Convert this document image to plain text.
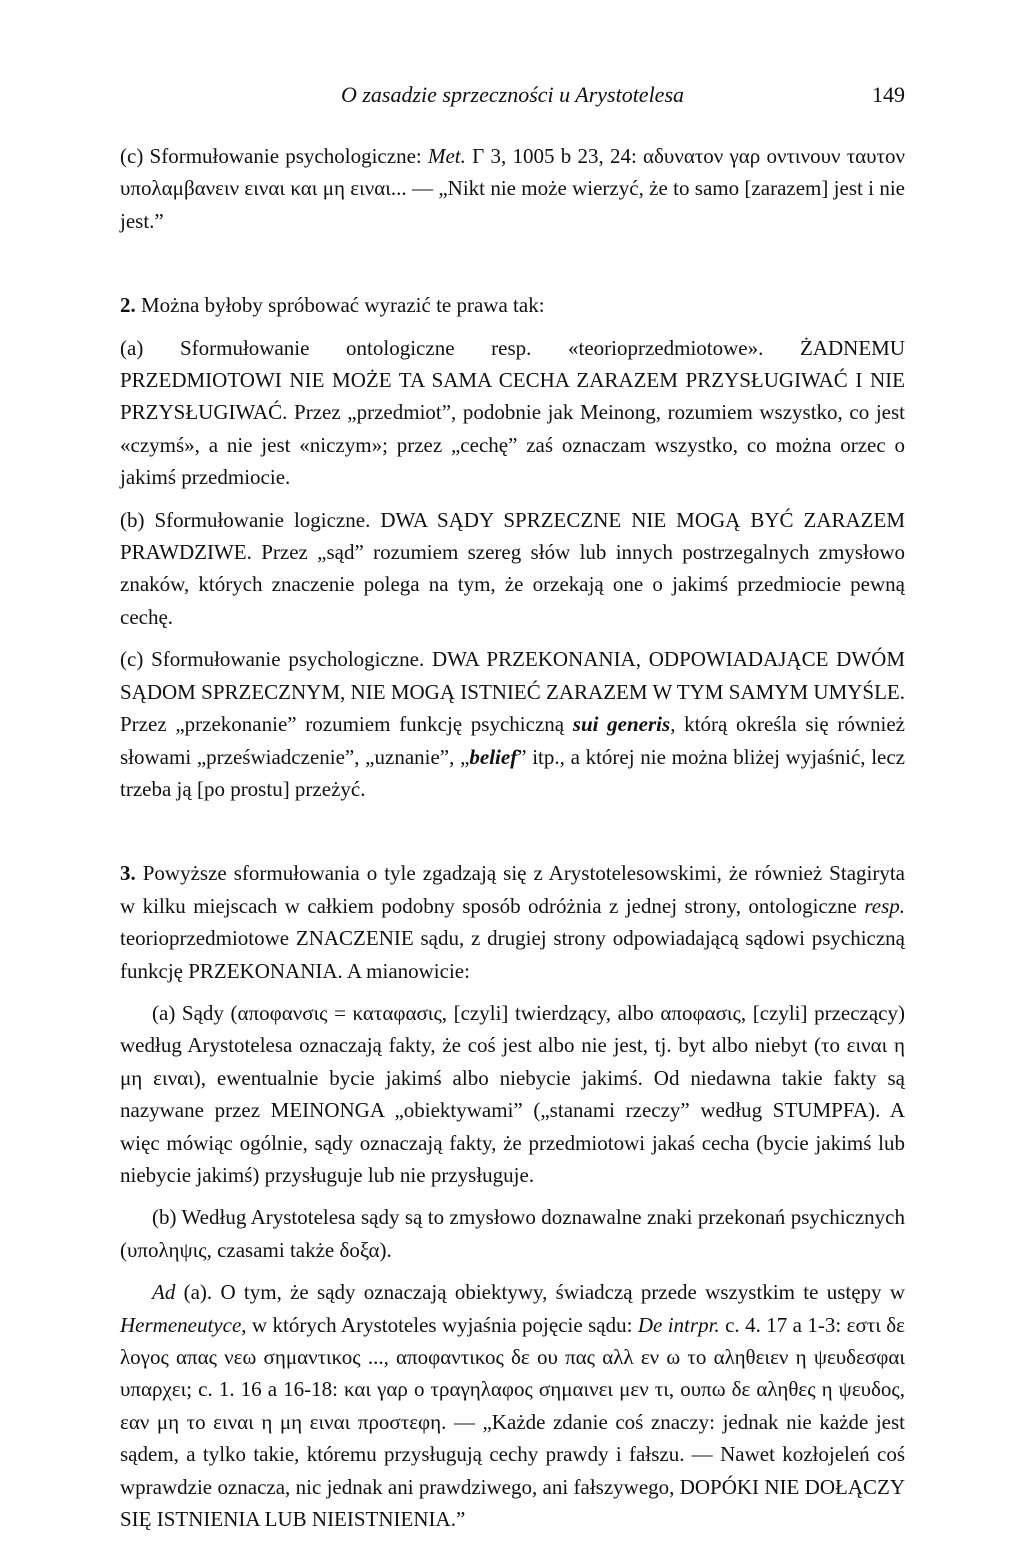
O zasadzie sprzeczności u Arystotelesa	149

(c) Sformułowanie psychologiczne: Met. Γ 3, 1005 b 23, 24: αδυνατον γαρ οντινουν ταυτον υπολαμβανειν ειναι και μη ειναι... — „Nikt nie może wierzyć, że to samo [zarazem] jest i nie jest.”

2. Można byłoby spróbować wyrazić te prawa tak:

(a) Sformułowanie ontologiczne resp. «teorioprzedmiotowe». ŻADNEMU PRZEDMIOTOWI NIE MOŻE TA SAMA CECHA ZARAZEM PRZYSŁUGIWAĆ I NIE PRZYSŁUGIWAĆ. Przez „przedmiot”, podobnie jak Meinong, rozumiem wszystko, co jest «czymś», a nie jest «niczym»; przez „cechę” zaś oznaczam wszystko, co można orzec o jakimś przedmiocie.

(b) Sformułowanie logiczne. DWA SĄDY SPRZECZNE NIE MOGĄ BYĆ ZARAZEM PRAWDZIWE. Przez „sąd” rozumiem szereg słów lub innych postrzegalnych zmysłowo znaków, których znaczenie polega na tym, że orzekają one o jakimś przedmiocie pewną cechę.

(c) Sformułowanie psychologiczne. DWA PRZEKONANIA, ODPOWIADAJĄCE DWÓM SĄDOM SPRZECZNYM, NIE MOGĄ ISTNIEĆ ZARAZEM W TYM SAMYM UMYŚLE. Przez „przekonanie” rozumiem funkcję psychiczną sui generis, którą określa się również słowami „przeświadczenie”, „uznanie”, „belief” itp., a której nie można bliżej wyjaśnić, lecz trzeba ją [po prostu] przeżyć.

3. Powyższe sformułowania o tyle zgadzają się z Arystotelesowskimi, że również Stagiryta w kilku miejscach w całkiem podobny sposób odróżnia z jednej strony, ontologiczne resp. teorioprzedmiotowe ZNACZENIE sądu, z drugiej strony odpowiadającą sądowi psychiczną funkcję PRZEKONANIA. A mianowicie:

(a) Sądy (αποφανσις = καταφασις, [czyli] twierdzący, albo αποφασις, [czyli] przeczący) według Arystotelesa oznaczają fakty, że coś jest albo nie jest, tj. byt albo niebyt (το ειναι η μη ειναι), ewentualnie bycie jakimś albo niebycie jakimś. Od niedawna takie fakty są nazywane przez MEINONGA „obiektywami” („stanami rzeczy” według STUMPFA). A więc mówiąc ogólnie, sądy oznaczają fakty, że przedmiotowi jakaś cecha (bycie jakimś lub niebycie jakimś) przysługuje lub nie przysługuje.

(b) Według Arystotelesa sądy są to zmysłowo doznawalne znaki przekonań psychicznych (υποληψις, czasami także δοξα).

Ad (a). O tym, że sądy oznaczają obiektywy, świadczą przede wszystkim te ustępy w Hermeneutyce, w których Arystoteles wyjaśnia pojęcie sądu: De intrpr. c. 4. 17 a 1-3: εστι δε λογος απας νεω σημαντικος ..., αποφαντικος δε ου πας αλλ εν ω το αληθειεν η ψευδεσφαι υπαρχει; c. 1. 16 a 16-18: και γαρ ο τραγηλαφος σημαινει μεν τι, ουπω δε αληθες η ψευδος, εαν μη το ειναι η μη ειναι προστεφη. — „Każde zdanie coś znaczy: jednak nie każde jest sądem, a tylko takie, któremu przysługują cechy prawdy i fałszu. — Nawet kozłojeleń coś wprawdzie oznacza, nic jednak ani prawdziwego, ani fałszywego, DOPÓKI NIE DOŁĄCZY SIĘ ISTNIENIA LUB NIEISTNIENIA.”
